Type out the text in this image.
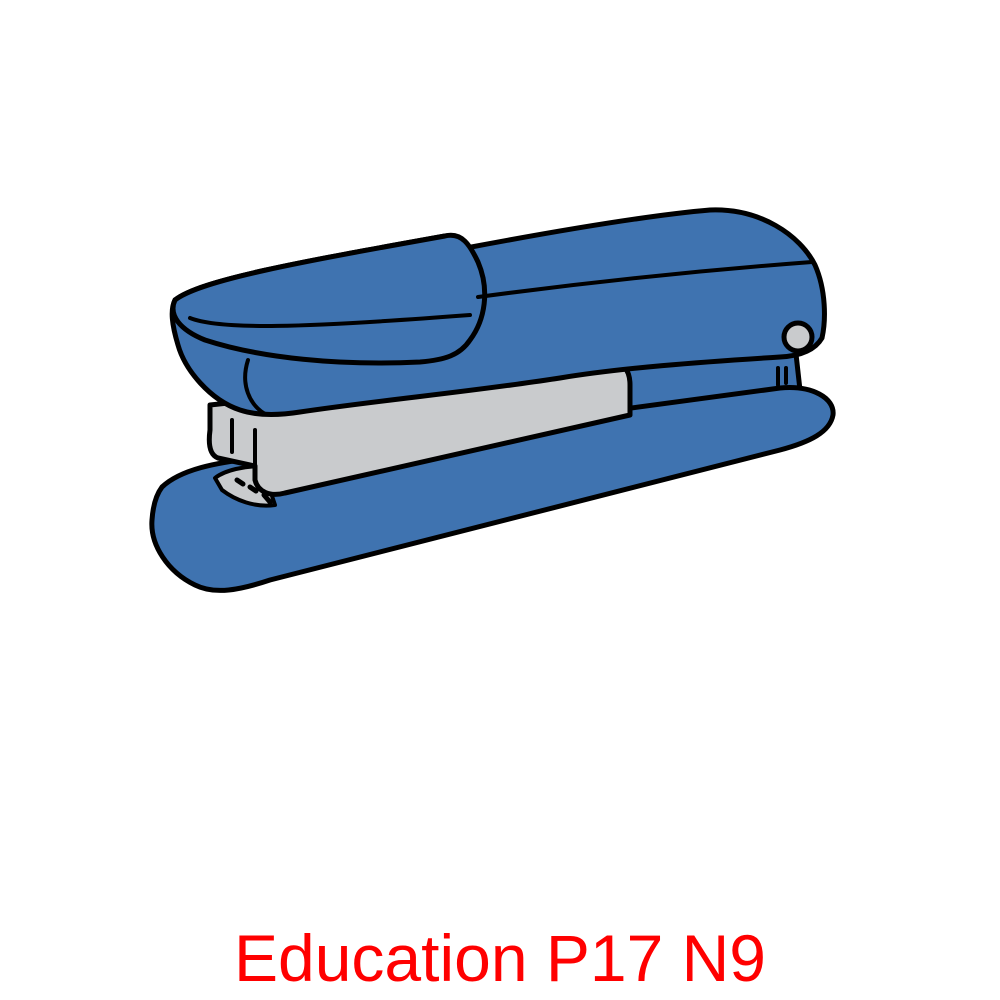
Education P17 N9
